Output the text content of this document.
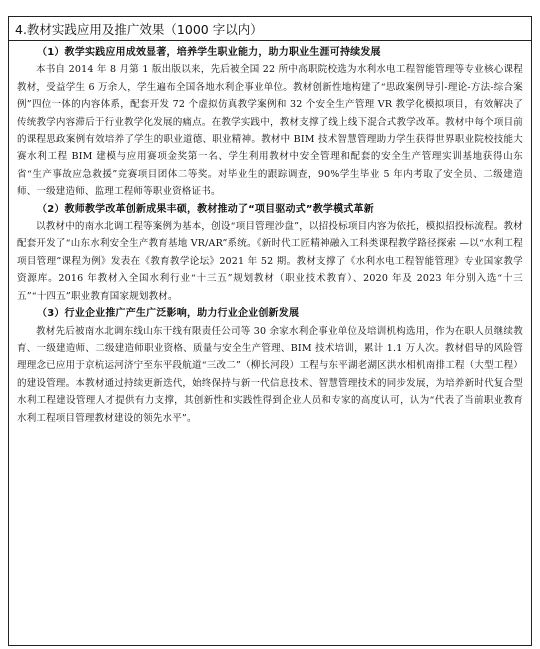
4.教材实践应用及推广效果（1000 字以内）

（1）教学实践应用成效显著，培养学生职业能力，助力职业生涯可持续发展

本书自 2014 年 8 月第 1 版出版以来，先后被全国 22 所中高职院校选为水利水电工程智能管理等专业核心课程教材，受益学生 6 万余人，学生遍布全国各地水利企事业单位。教材创新性地构建了“思政案例导引-理论-方法-综合案例”四位一体的内容体系，配套开发 72 个虚拟仿真教学案例和 32 个安全生产管理 VR 教学化模拟项目，有效解决了传统教学内容滞后于行业教学化发展的痛点。在教学实践中，教材支撑了线上线下混合式教学改革。教材中每个项目前的课程思政案例有效培养了学生的职业道德、职业精神。教材中 BIM 技术智慧管理助力学生获得世界职业院校技能大赛水利工程 BIM 建模与应用赛项金奖第一名、学生利用教材中安全管理和配套的安全生产管理实训基地获得山东省“生产事故应急救援”竞赛项目团体二等奖。对毕业生的跟踪调查，90%学生毕业 5 年内考取了安全员、二级建造师、一级建造师、监理工程师等职业资格证书。

（2）教师教学改革创新成果丰硕，教材推动了“项目驱动式”教学模式革新

以教材中的南水北调工程等案例为基本，创设“项目管理沙盘”，以招投标项目内容为依托，模拟招投标流程。教材配套开发了“山东水利安全生产教育基地 VR/AR”系统。《新时代工匠精神融入工科类课程教学路径探索 —以“水利工程项目管理”课程为例》发表在《教育教学论坛》2021 年 52 期。教材支撑了《水利水电工程智能管理》专业国家教学资源库。2016 年教材入全国水利行业“十三五”规划教材（职业技术教育）、2020 年及 2023 年分别入选“十三五”“十四五”职业教育国家规划教材。

（3）行业企业推广产生广泛影响，助力行业企业创新发展

教材先后被南水北调东线山东干线有限责任公司等 30 余家水利企事业单位及培训机构选用，作为在职人员继续教育、一级建造师、二级建造师职业资格、质量与安全生产管理、BIM 技术培训，累计 1.1 万人次。教材倡导的风险管理理念已应用于京杭运河济宁至东平段航道“三改二”（柳长河段）工程与东平湖老湖区洪水相机南排工程（大型工程）的建设管理。本教材通过持续更新迭代，始终保持与新一代信息技术、智慧管理技术的同步发展，为培养新时代复合型水利工程建设管理人才提供有力支撑，其创新性和实践性得到企业人员和专家的高度认可，认为“代表了当前职业教育水利工程项目管理教材建设的领先水平”。
